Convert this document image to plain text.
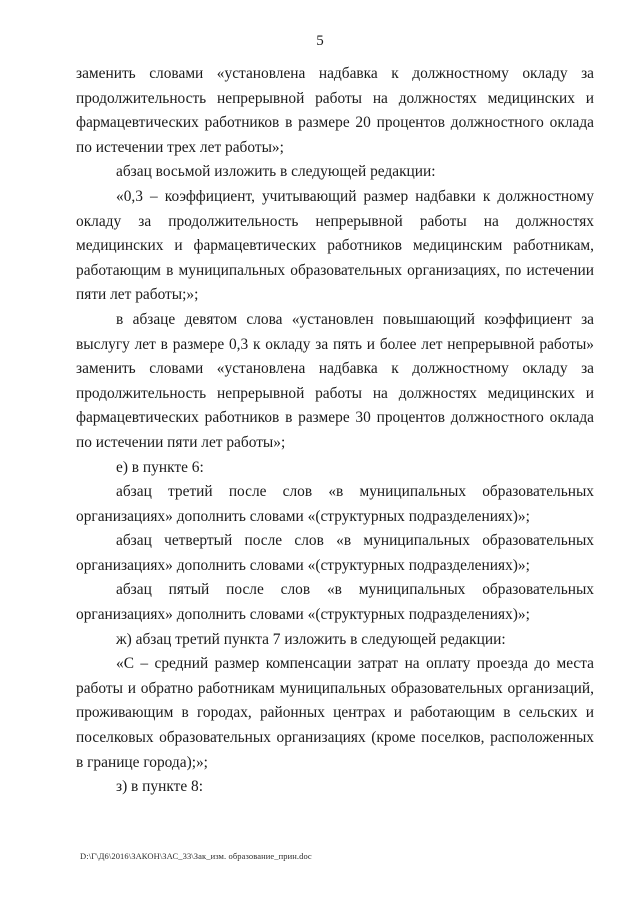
5

заменить словами «установлена надбавка к должностному окладу за продолжительность непрерывной работы на должностях медицинских и фармацевтических работников в размере 20 процентов должностного оклада по истечении трех лет работы»;

абзац восьмой изложить в следующей редакции:

«0,3 – коэффициент, учитывающий размер надбавки к должностному окладу за продолжительность непрерывной работы на должностях медицинских и фармацевтических работников медицинским работникам, работающим в муниципальных образовательных организациях, по истечении пяти лет работы;»;

в абзаце девятом слова «установлен повышающий коэффициент за выслугу лет в размере 0,3 к окладу за пять и более лет непрерывной работы» заменить словами «установлена надбавка к должностному окладу за продолжительность непрерывной работы на должностях медицинских и фармацевтических работников в размере 30 процентов должностного оклада по истечении пяти лет работы»;

е) в пункте 6:

абзац третий после слов «в муниципальных образовательных организациях» дополнить словами «(структурных подразделениях)»;

абзац четвертый после слов «в муниципальных образовательных организациях» дополнить словами «(структурных подразделениях)»;

абзац пятый после слов «в муниципальных образовательных организациях» дополнить словами «(структурных подразделениях)»;

ж) абзац третий пункта 7 изложить в следующей редакции:

«С – средний размер компенсации затрат на оплату проезда до места работы и обратно работникам муниципальных образовательных организаций, проживающим в городах, районных центрах и работающим в сельских и поселковых образовательных организациях (кроме поселков, расположенных в границе города);»;

з) в пункте 8:

D:\Г\Д6\2016\ЗАКОН\ЗАС_33\Зак_изм. образование_прин.doc
